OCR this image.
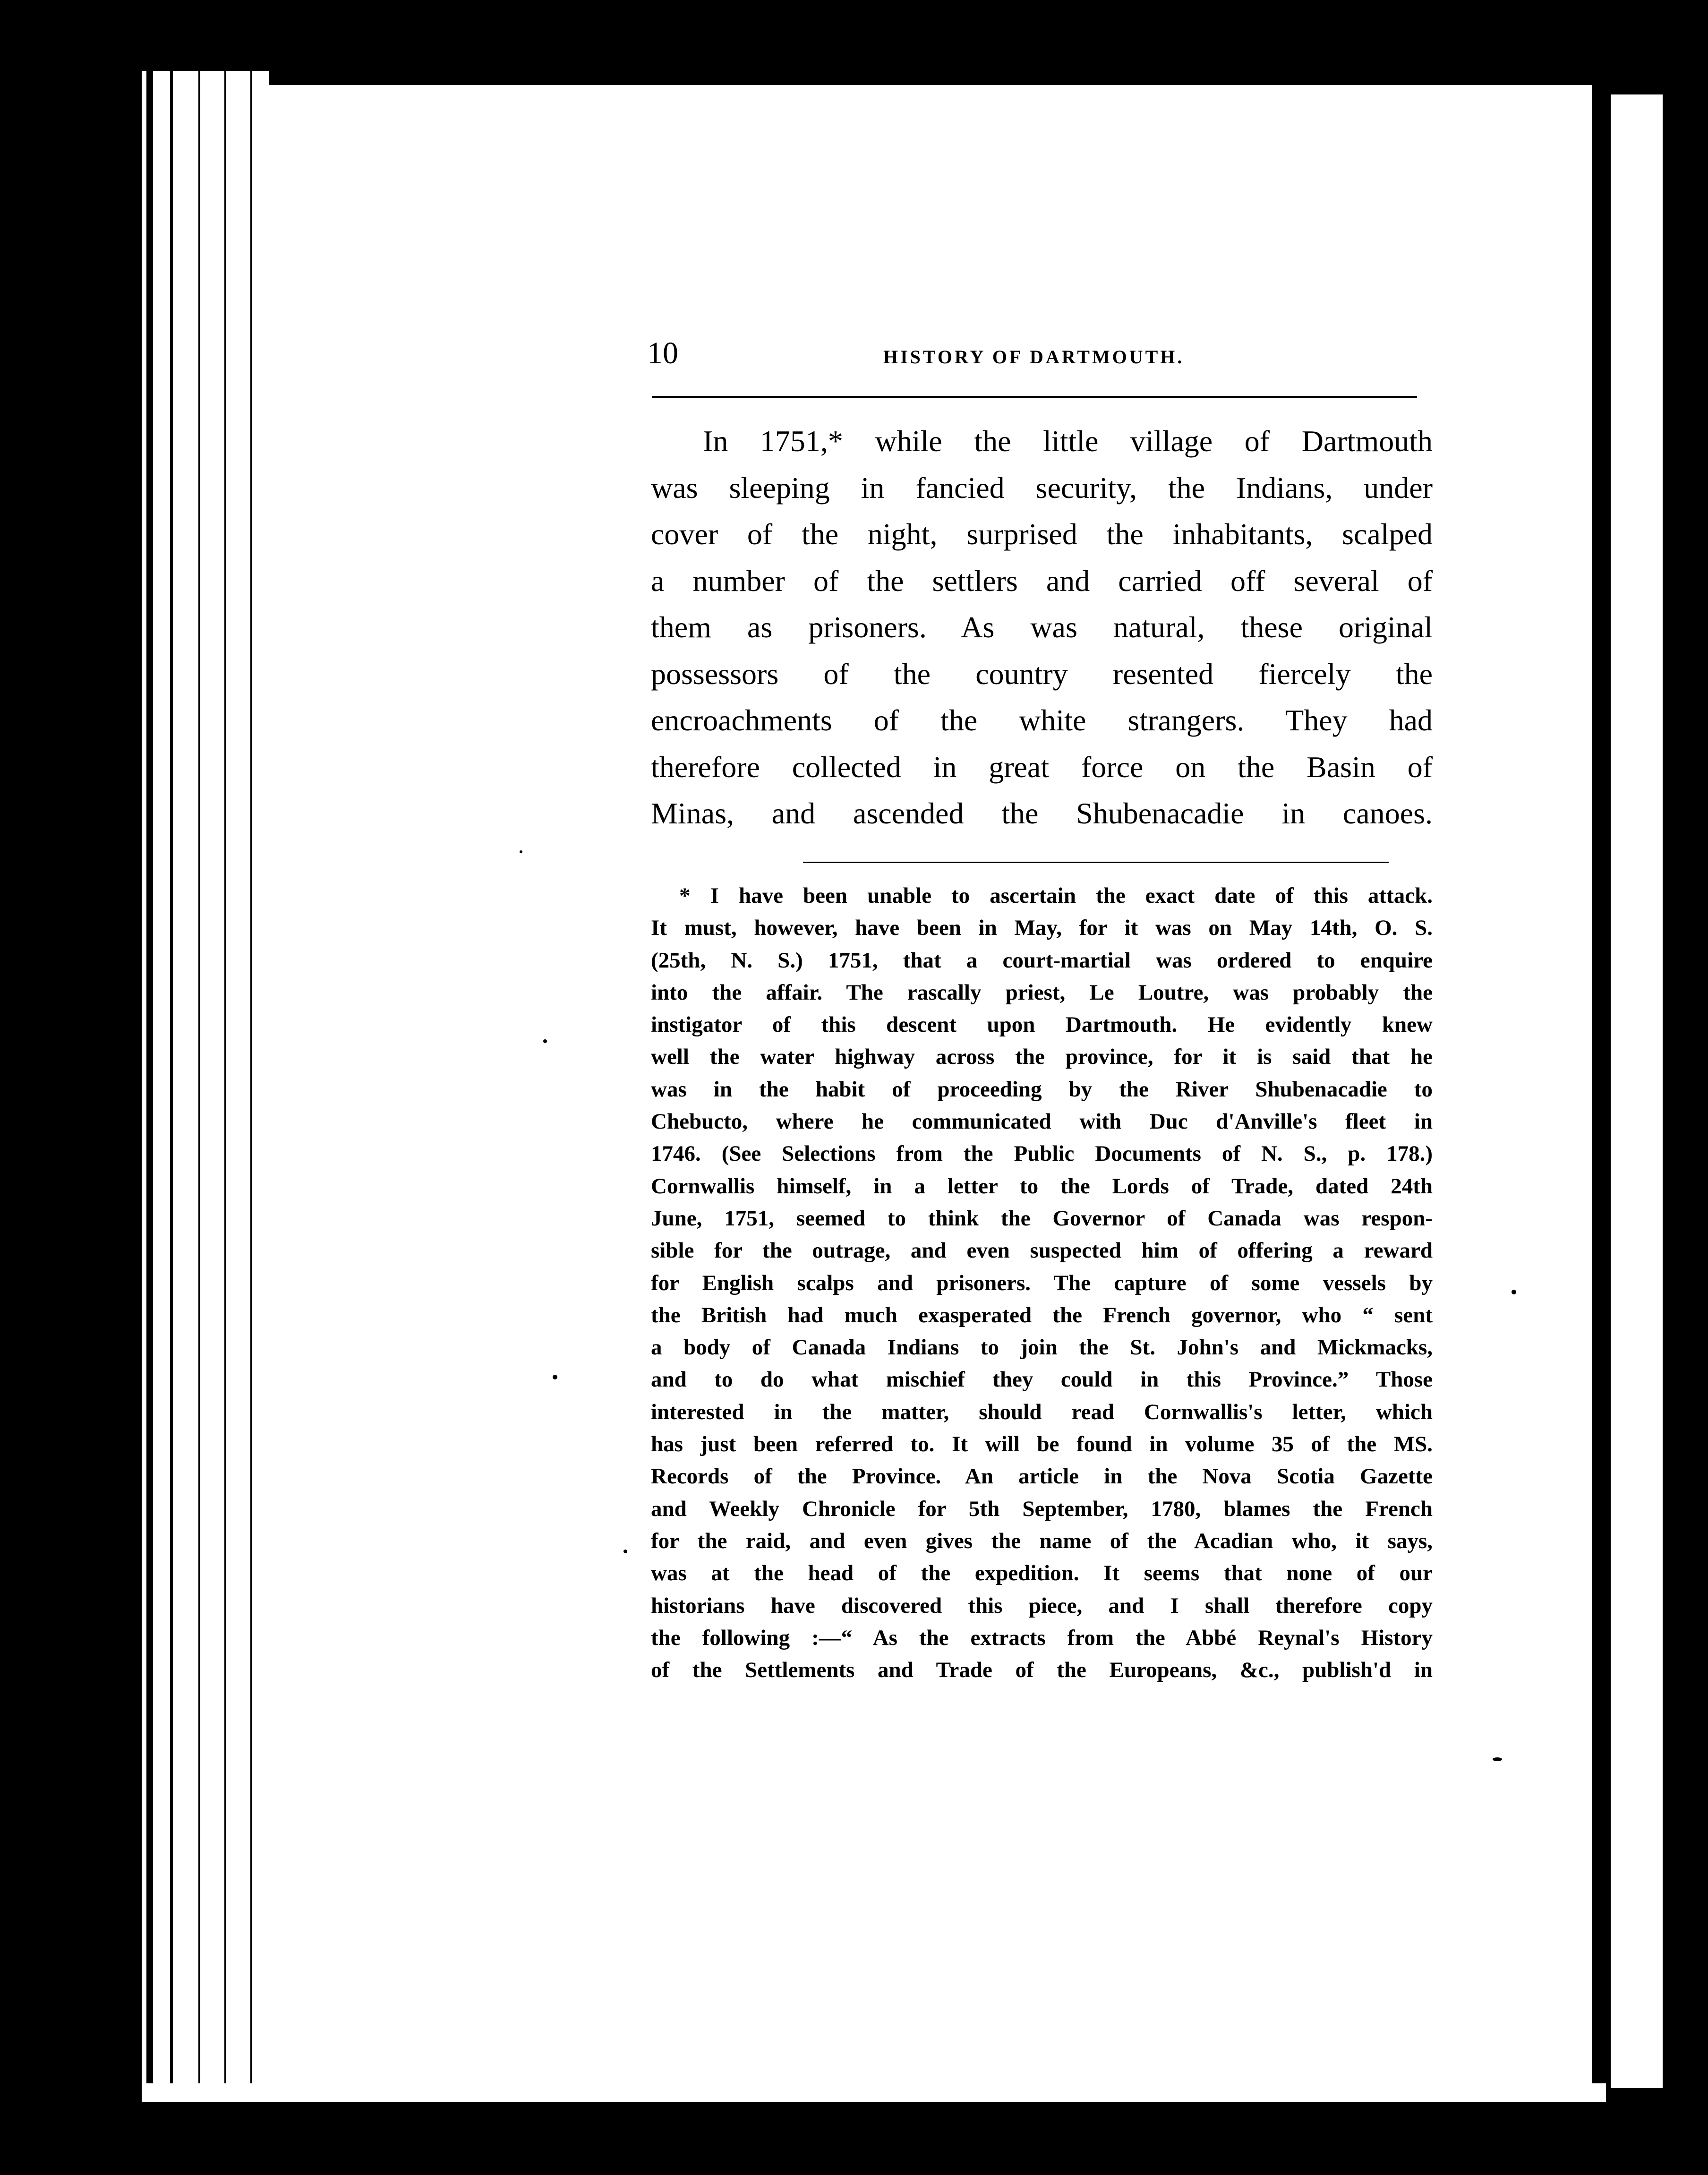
10	HISTORY OF DARTMOUTH.
In 1751,* while the little village of Dartmouth
was sleeping in fancied security, the Indians, under
cover of the night, surprised the inhabitants, scalped
a number of the settlers and carried off several of
them as prisoners. As was natural, these original
possessors of the country resented fiercely the
encroachments of the white strangers. They had
therefore collected in great force on the Basin of
Minas, and ascended the Shubenacadie in canoes.
* I have been unable to ascertain the exact date of this attack.
It must, however, have been in May, for it was on May 14th, O. S.
(25th, N. S.) 1751, that a court-martial was ordered to enquire
into the affair. The rascally priest, Le Loutre, was probably the
instigator of this descent upon Dartmouth. He evidently knew
well the water highway across the province, for it is said that he
was in the habit of proceeding by the River Shubenacadie to
Chebucto, where he communicated with Duc d'Anville's fleet in
1746. (See Selections from the Public Documents of N. S., p. 178.)
Cornwallis himself, in a letter to the Lords of Trade, dated 24th
June, 1751, seemed to think the Governor of Canada was respon-
sible for the outrage, and even suspected him of offering a reward
for English scalps and prisoners. The capture of some vessels by
the British had much exasperated the French governor, who “ sent
a body of Canada Indians to join the St. John's and Mickmacks,
and to do what mischief they could in this Province.” Those
interested in the matter, should read Cornwallis's letter, which
has just been referred to. It will be found in volume 35 of the MS.
Records of the Province. An article in the Nova Scotia Gazette
and Weekly Chronicle for 5th September, 1780, blames the French
for the raid, and even gives the name of the Acadian who, it says,
was at the head of the expedition. It seems that none of our
historians have discovered this piece, and I shall therefore copy
the following :—“ As the extracts from the Abbé Reynal's History
of the Settlements and Trade of the Europeans, &c., publish'd in
